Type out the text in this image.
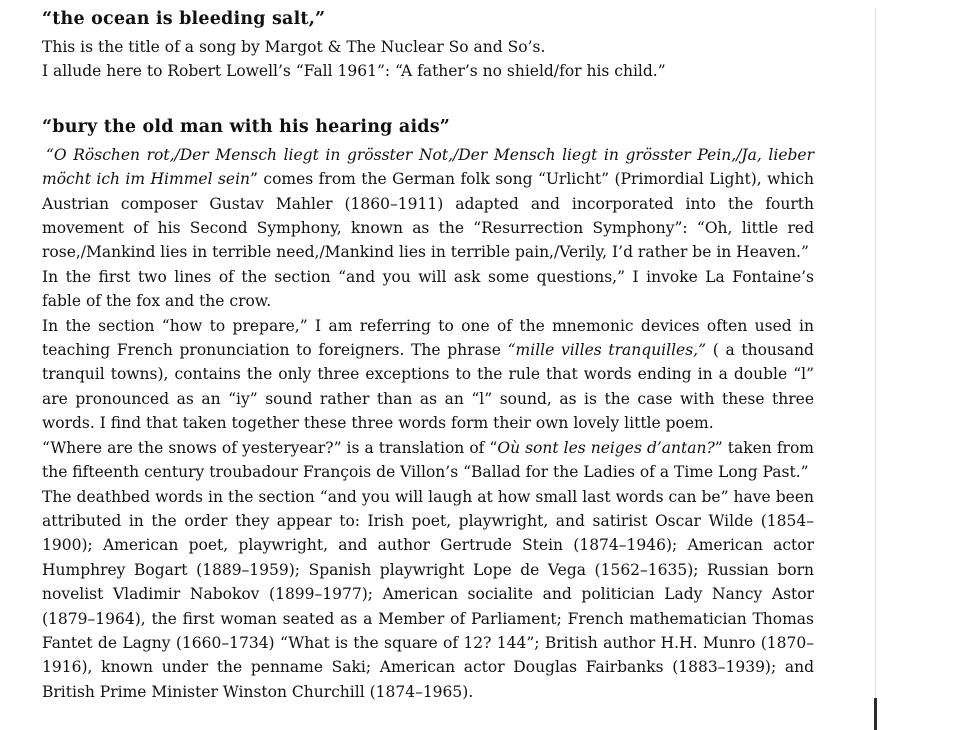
“the ocean is bleeding salt,”

This is the title of a song by Margot & The Nuclear So and So’s.

I allude here to Robert Lowell’s “Fall 1961”: “A father’s no shield/for his child.”

“bury the old man with his hearing aids”

“O Röschen rot,/Der Mensch liegt in grösster Not,/Der Mensch liegt in grösster Pein,/Ja, lieber möcht ich im Himmel sein” comes from the German folk song “Urlicht” (Primordial Light), which Austrian composer Gustav Mahler (1860–1911) adapted and incorporated into the fourth movement of his Second Symphony, known as the “Resurrection Symphony”: “Oh, little red rose,/Mankind lies in terrible need,/Mankind lies in terrible pain,/Verily, I’d rather be in Heaven.”

In the first two lines of the section “and you will ask some questions,” I invoke La Fontaine’s fable of the fox and the crow.

In the section “how to prepare,” I am referring to one of the mnemonic devices often used in teaching French pronunciation to foreigners. The phrase “mille villes tranquilles,” ( a thousand tranquil towns), contains the only three exceptions to the rule that words ending in a double “l” are pronounced as an “iy” sound rather than as an “l” sound, as is the case with these three words. I find that taken together these three words form their own lovely little poem.

“Where are the snows of yesteryear?” is a translation of “Où sont les neiges d’antan?” taken from the fifteenth century troubadour François de Villon’s “Ballad for the Ladies of a Time Long Past.”

The deathbed words in the section “and you will laugh at how small last words can be” have been attributed in the order they appear to: Irish poet, playwright, and satirist Oscar Wilde (1854–1900); American poet, playwright, and author Gertrude Stein (1874–1946); American actor Humphrey Bogart (1889–1959); Spanish playwright Lope de Vega (1562–1635); Russian born novelist Vladimir Nabokov (1899–1977); American socialite and politician Lady Nancy Astor (1879–1964), the first woman seated as a Member of Parliament; French mathematician Thomas Fantet de Lagny (1660–1734) “What is the square of 12? 144”; British author H.H. Munro (1870–1916), known under the penname Saki; American actor Douglas Fairbanks (1883–1939); and British Prime Minister Winston Churchill (1874–1965).
